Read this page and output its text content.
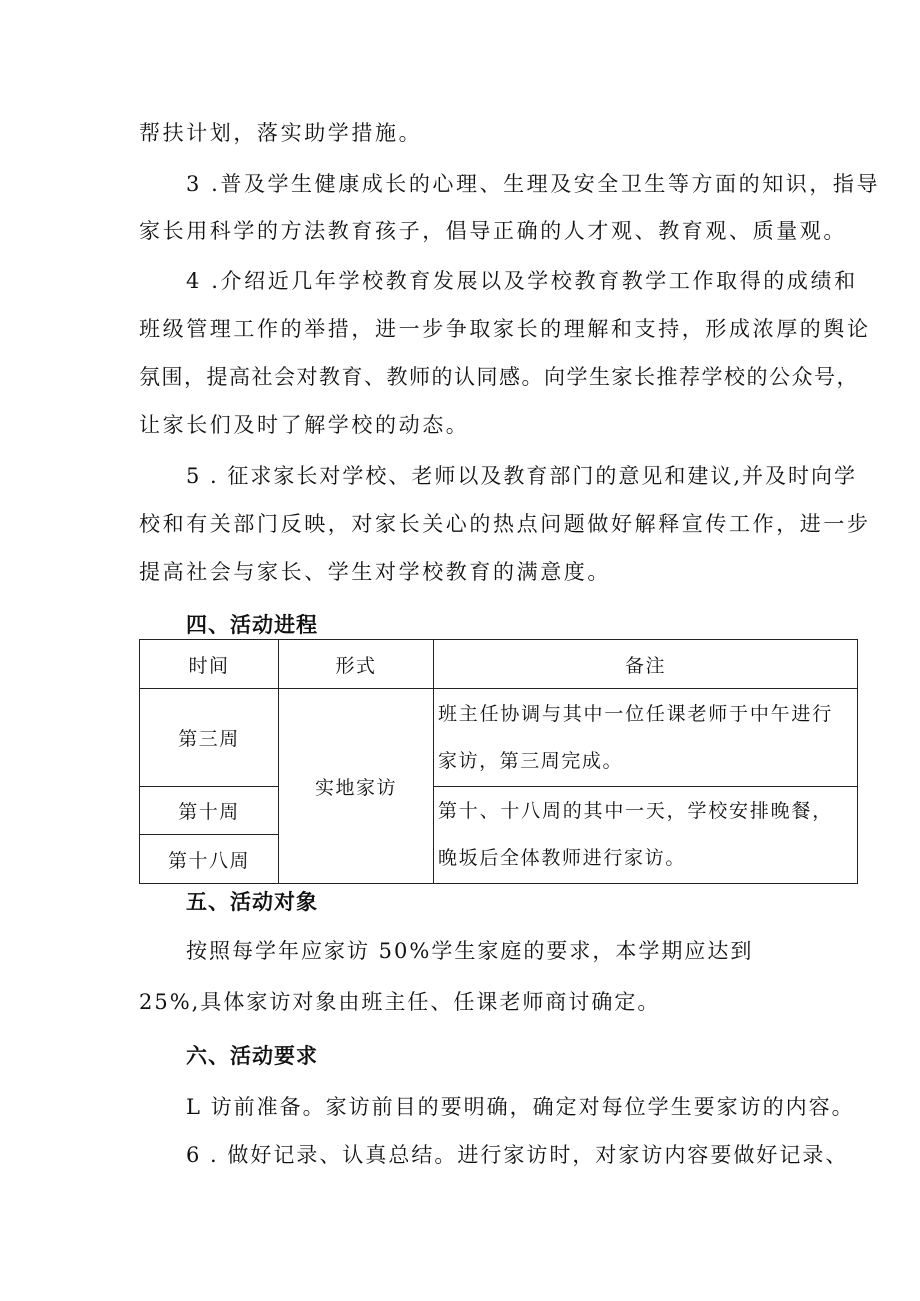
帮扶计划，落实助学措施。
3 .普及学生健康成长的心理、生理及安全卫生等方面的知识，指导
家长用科学的方法教育孩子，倡导正确的人才观、教育观、质量观。
4 .介绍近几年学校教育发展以及学校教育教学工作取得的成绩和
班级管理工作的举措，进一步争取家长的理解和支持，形成浓厚的舆论
氛围，提高社会对教育、教师的认同感。向学生家长推荐学校的公众号，
让家长们及时了解学校的动态。
5 . 征求家长对学校、老师以及教育部门的意见和建议,并及时向学
校和有关部门反映，对家长关心的热点问题做好解释宣传工作，进一步
提高社会与家长、学生对学校教育的满意度。
四、活动进程
时间	形式	备注
第三周	实地家访	班主任协调与其中一位任课老师于中午进行
家访，第三周完成。

第十周		第十、十八周的其中一天，学校安排晚餐，
晚坂后全体教师进行家访。

第十八周		
五、活动对象
按照每学年应家访 50%学生家庭的要求，本学期应达到
25%,具体家访对象由班主任、任课老师商讨确定。
六、活动要求
L 访前准备。家访前目的要明确，确定对每位学生要家访的内容。
6 . 做好记录、认真总结。进行家访时，对家访内容要做好记录、
